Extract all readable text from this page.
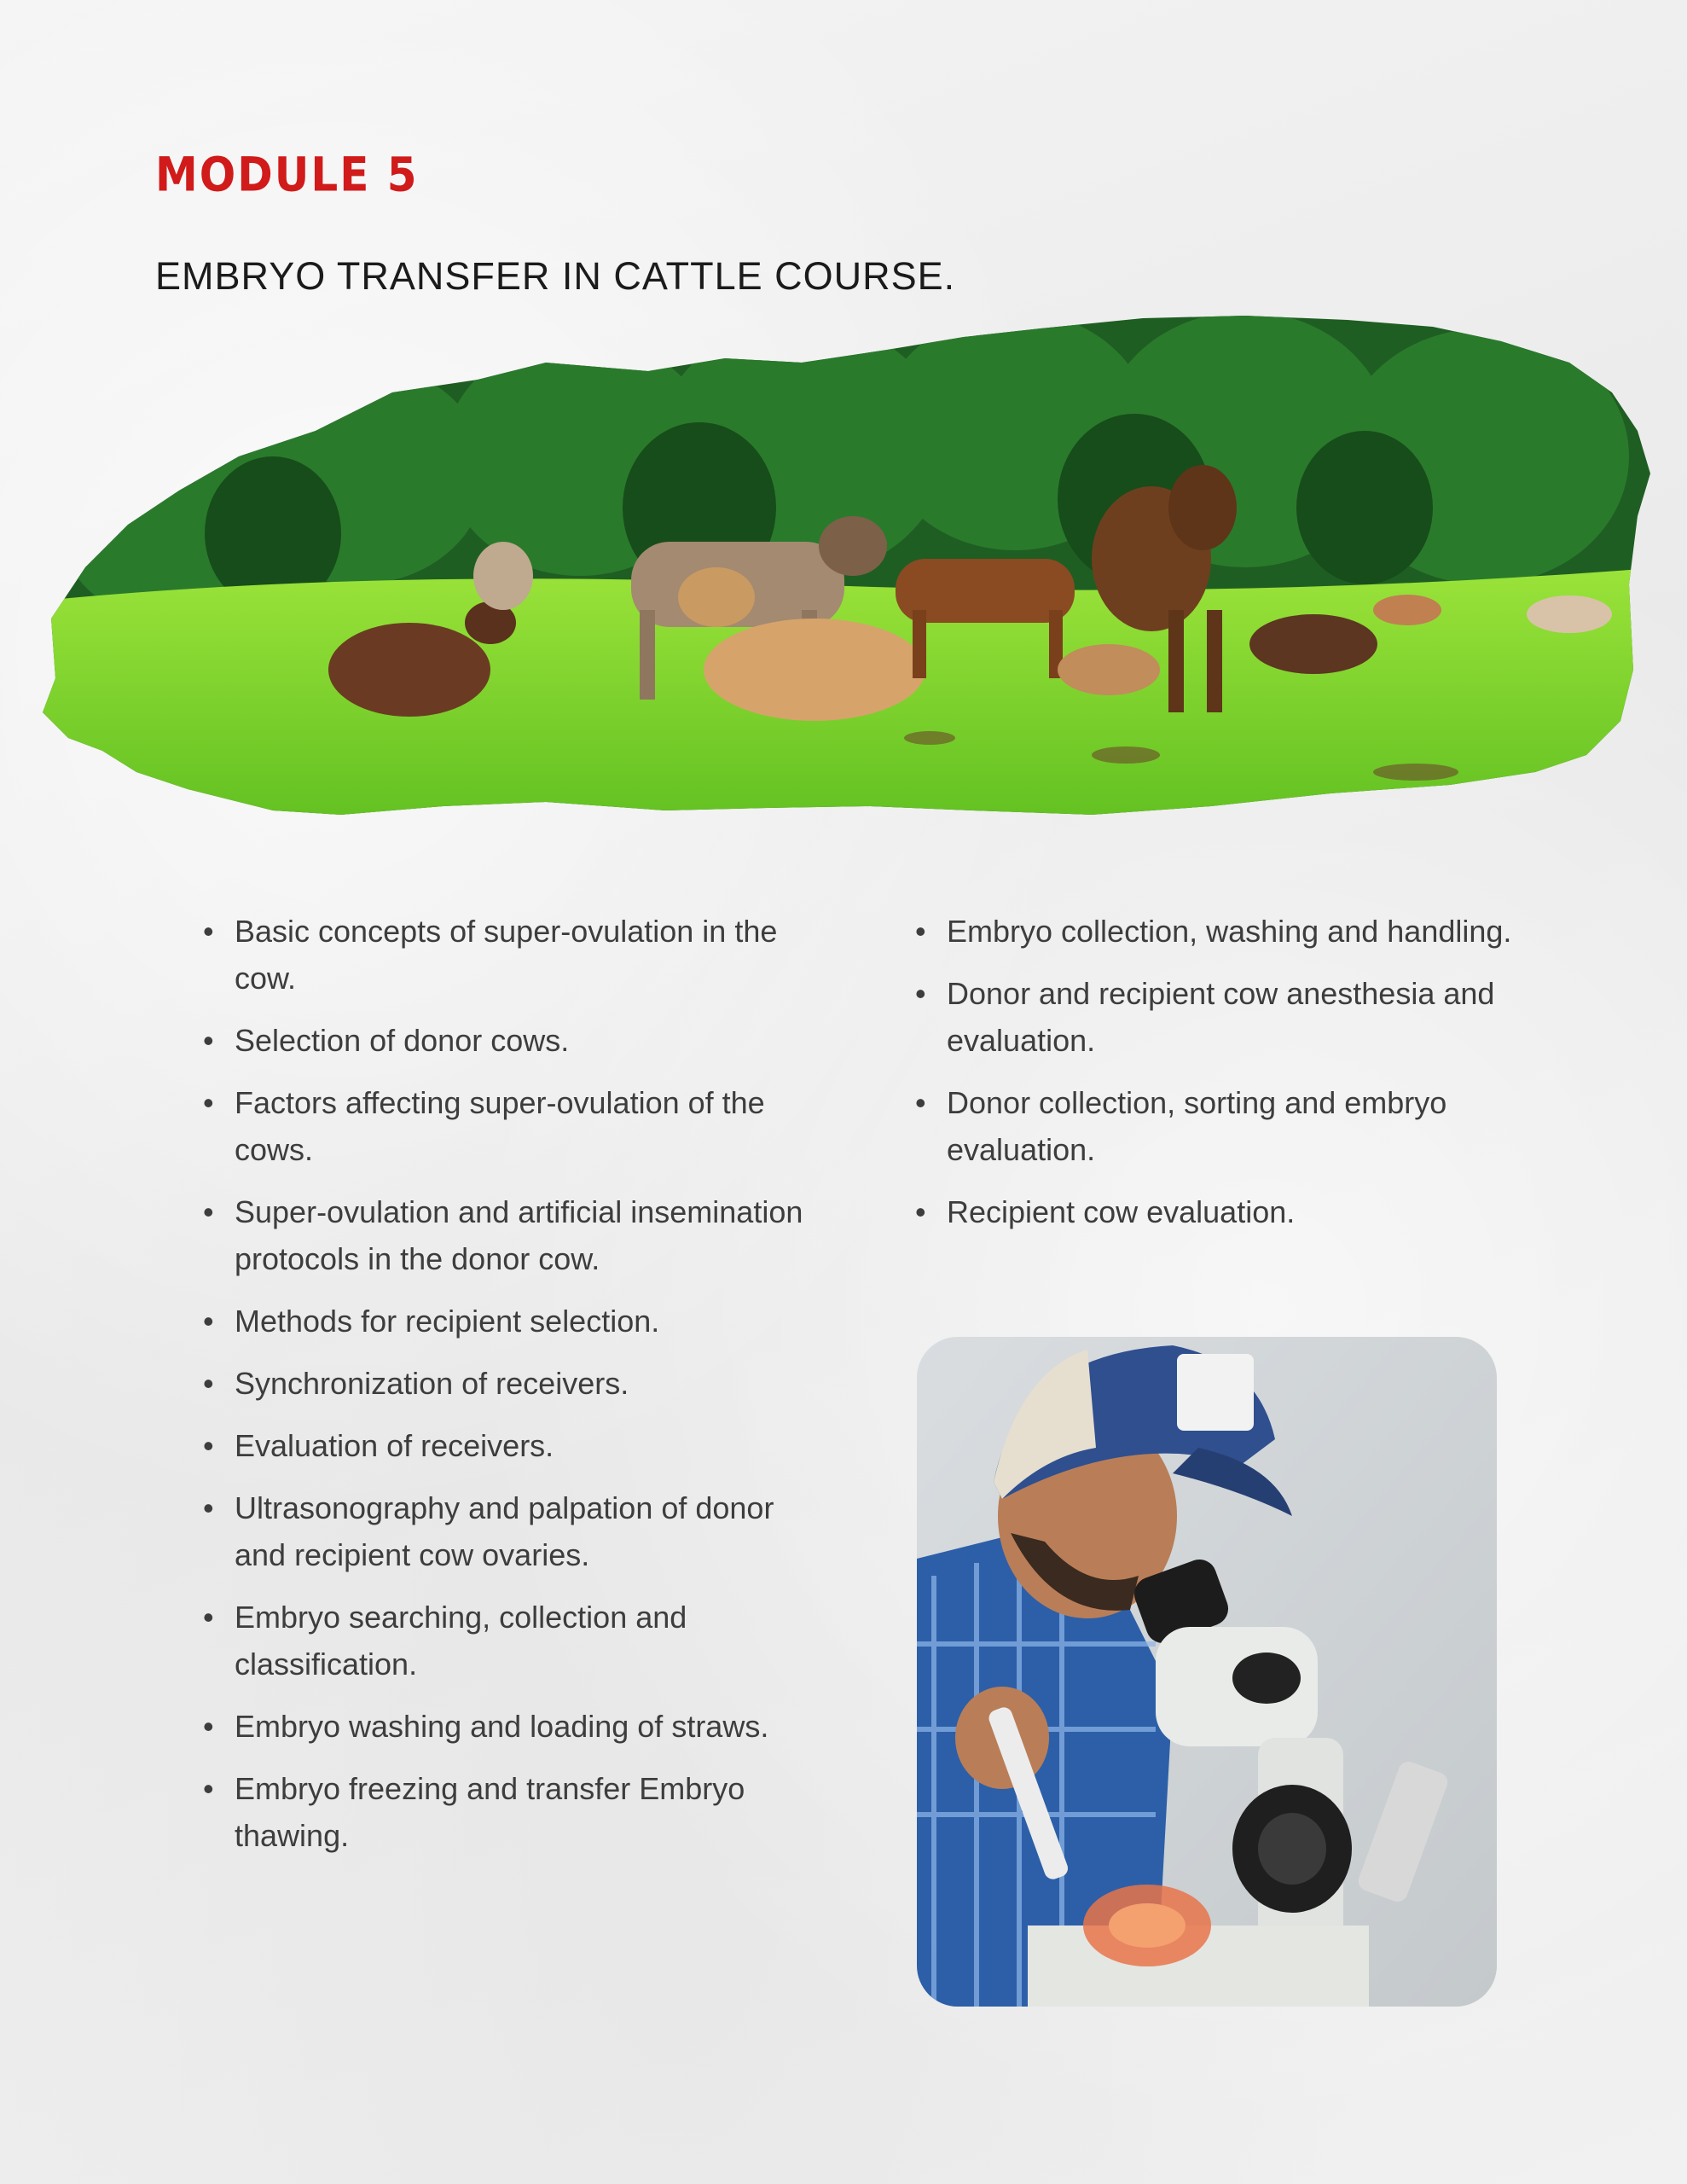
MODULE 5
EMBRYO TRANSFER IN CATTLE COURSE.
• Basic concepts of super-ovulation in the cow.
• Selection of donor cows.
• Factors affecting super-ovulation of the cows.
• Super-ovulation and artificial insemination protocols in the donor cow.
• Methods for recipient selection.
• Synchronization of receivers.
• Evaluation of receivers.
• Ultrasonography and palpation of donor and recipient cow ovaries.
• Embryo searching, collection and classification.
• Embryo washing and loading of straws.
• Embryo freezing and transfer Embryo thawing.
• Embryo collection, washing and handling.
• Donor and recipient cow anesthesia and evaluation.
• Donor collection, sorting and embryo evaluation.
• Recipient cow evaluation.
